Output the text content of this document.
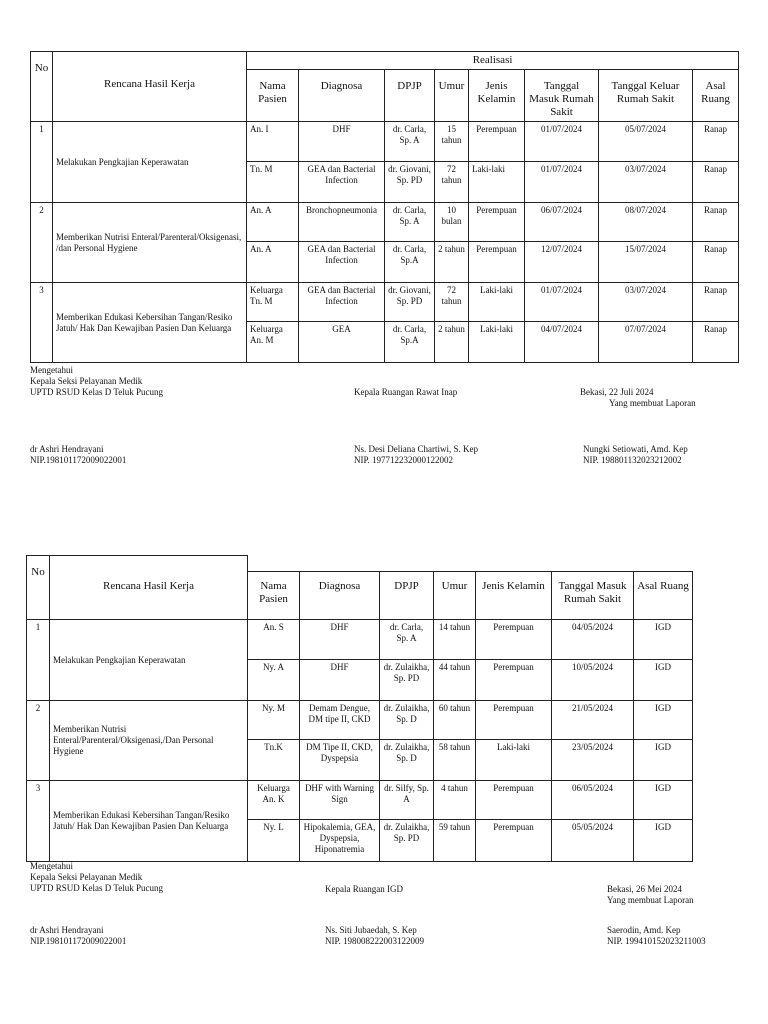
No	Rencana Hasil Kerja	Realisasi							
		Nama Pasien	Diagnosa	DPJP	Umur	Jenis Kelamin	Tanggal Masuk Rumah Sakit	Tanggal Keluar Rumah Sakit	Asal Ruang
1	Melakukan Pengkajian Keperawatan	An. I	DHF	dr. Carla, Sp. A	15 tahun	Perempuan	01/07/2024	05/07/2024	Ranap
		Tn. M	GEA dan Bacterial Infection	dr. Giovani, Sp. PD	72 tahun	Laki-laki	01/07/2024	03/07/2024	Ranap
2	Memberikan Nutrisi Enteral/Parenteral/Oksigenasi, /dan Personal Hygiene	An. A	Bronchopneumonia	dr. Carla, Sp. A	10 bulan	Perempuan	06/07/2024	08/07/2024	Ranap
		An. A	GEA dan Bacterial Infection	dr. Carla, Sp.A	2 tahun	Perempuan	12/07/2024	15/07/2024	Ranap
3	Memberikan Edukasi Kebersihan Tangan/Resiko Jatuh/ Hak Dan Kewajiban Pasien Dan Keluarga	Keluarga Tn. M	GEA dan Bacterial Infection	dr. Giovani, Sp. PD	72 tahun	Laki-laki	01/07/2024	03/07/2024	Ranap
		Keluarga An. M	GEA	dr. Carla, Sp.A	2 tahun	Laki-laki	04/07/2024	07/07/2024	Ranap
Mengetahui
Kepala Seksi Pelayanan Medik
UPTD RSUD Kelas D Teluk Pucung	Kepala Ruangan Rawat Inap	Bekasi, 22 Juli 2024
Yang membuat Laporan
dr Ashri Hendrayani
NIP.198101172009022001
Ns. Desi Deliana Chartiwi, S. Kep
NIP. 197712232000122002
Nungki Setiowati, Amd. Kep
NIP. 198801132023212002
No	Rencana Hasil Kerja							
		Nama Pasien	Diagnosa	DPJP	Umur	Jenis Kelamin	Tanggal Masuk Rumah Sakit	Asal Ruang
1	Melakukan Pengkajian Keperawatan	An. S	DHF	dr. Carla, Sp. A	14 tahun	Perempuan	04/05/2024	IGD
		Ny. A	DHF	dr. Zulaikha, Sp. PD	44 tahun	Perempuan	10/05/2024	IGD
2	Memberikan Nutrisi Enteral/Parenteral/Oksigenasi,/Dan Personal Hygiene	Ny. M	Demam Dengue, DM tipe II, CKD	dr. Zulaikha, Sp. D	60 tahun	Perempuan	21/05/2024	IGD
		Tn.K	DM Tipe II, CKD, Dyspepsia	dr. Zulaikha, Sp. D	58 tahun	Laki-laki	23/05/2024	IGD
3	Memberikan Edukasi Kebersihan Tangan/Resiko Jatuh/ Hak Dan Kewajiban Pasien Dan Keluarga	Keluarga An. K	DHF with Warning Sign	dr. Silfy, Sp. A	4 tahun	Perempuan	06/05/2024	IGD
		Ny. L	Hipokalemia, GEA, Dyspepsia, Hiponatremia	dr. Zulaikha, Sp. PD	59 tahun	Perempuan	05/05/2024	IGD
Mengetahui
Kepala Seksi Pelayanan Medik
UPTD RSUD Kelas D Teluk Pucung	Kepala Ruangan IGD	Bekasi, 26 Mei 2024
Yang membuat Laporan
dr Ashri Hendrayani
NIP.198101172009022001
Ns. Siti Jubaedah, S. Kep
NIP. 198008222003122009
Saerodin, Amd. Kep
NIP. 199410152023211003
